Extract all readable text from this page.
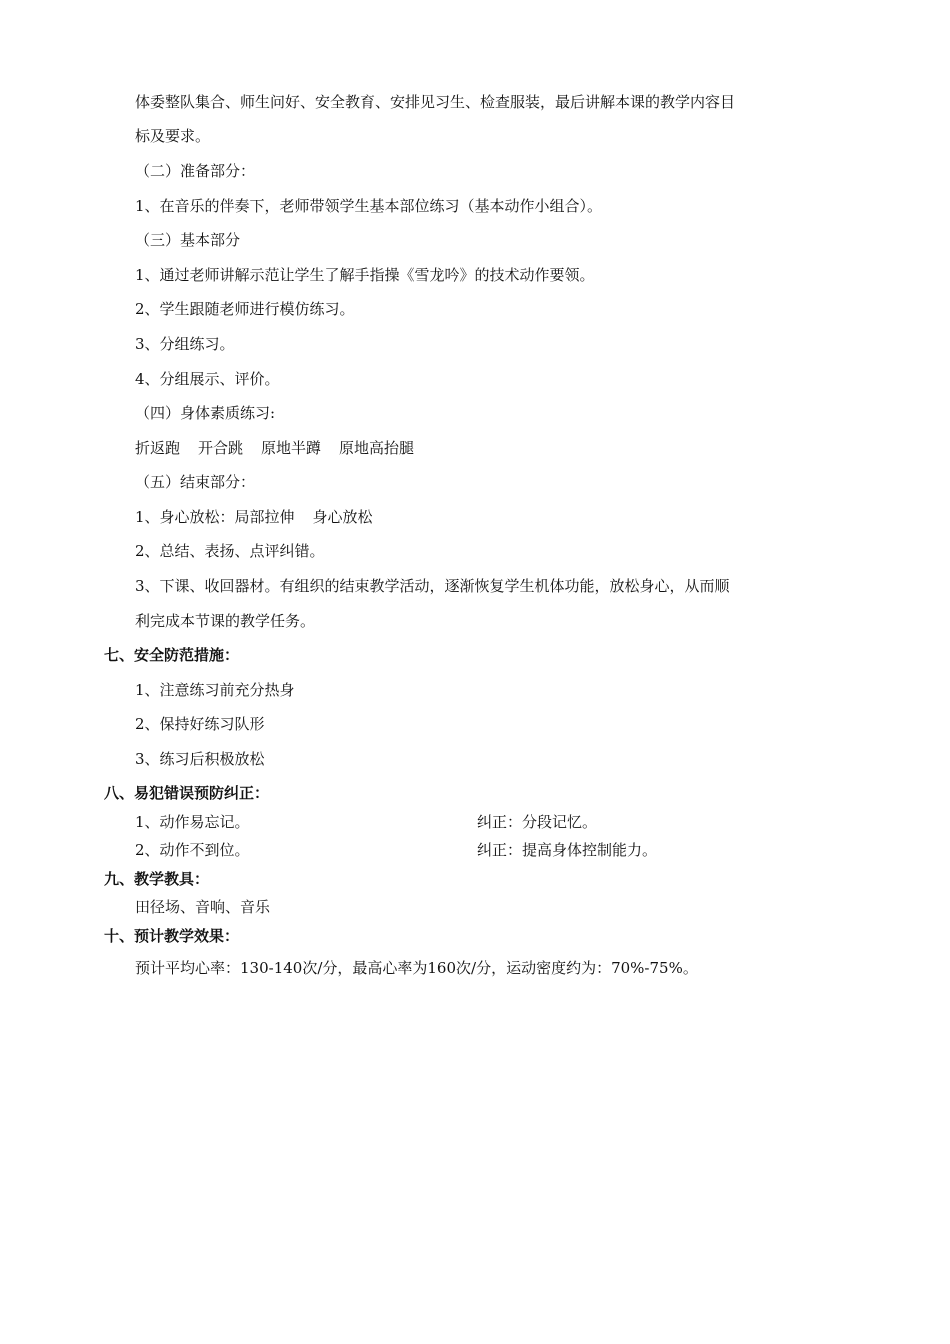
体委整队集合、师生问好、安全教育、安排见习生、检查服装，最后讲解本课的教学内容目
标及要求。
（二）准备部分：
1、在音乐的伴奏下，老师带领学生基本部位练习（基本动作小组合）。
（三）基本部分
1、通过老师讲解示范让学生了解手指操《雪龙吟》的技术动作要领。
2、学生跟随老师进行模仿练习。
3、分组练习。
4、分组展示、评价。
（四）身体素质练习:
折返跑 开合跳 原地半蹲 原地高抬腿
（五）结束部分：
1、身心放松：局部拉伸 身心放松
2、总结、表扬、点评纠错。
3、下课、收回器材。有组织的结束教学活动，逐渐恢复学生机体功能，放松身心，从而顺
利完成本节课的教学任务。
七、安全防范措施：
1、注意练习前充分热身
2、保持好练习队形
3、练习后积极放松
八、易犯错误预防纠正：
1、动作易忘记。	纠正：分段记忆。
2、动作不到位。	纠正：提高身体控制能力。
九、教学教具：
田径场、音响、音乐
十、预计教学效果：
预计平均心率：130-140次/分，最高心率为160次/分，运动密度约为：70%-75%。
